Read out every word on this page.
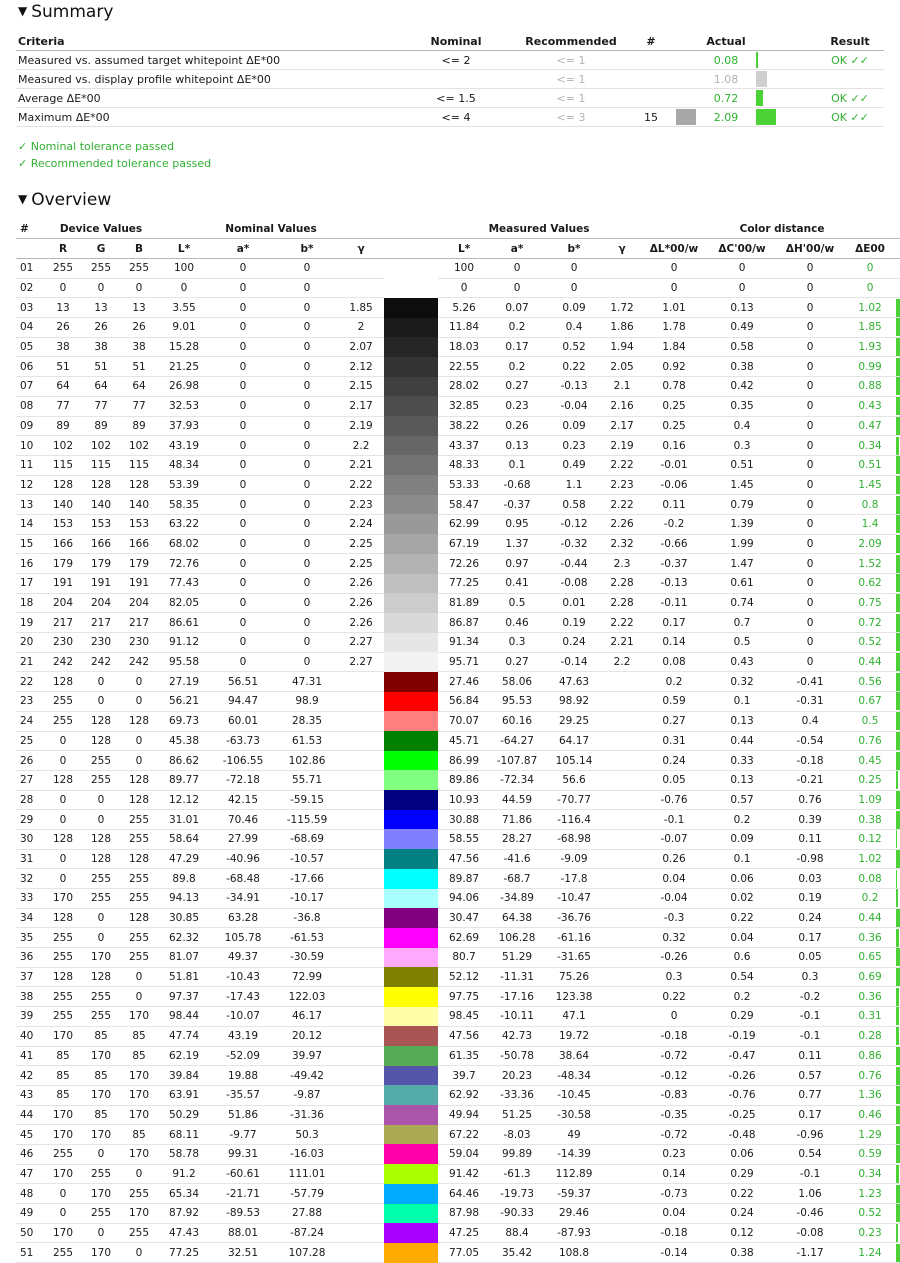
▼ Summary
Criteria	Nominal	Recommended	#		Actual		Result
Measured vs. assumed target whitepoint ΔE*00	<= 2	<= 1			0.08		OK ✓✓
Measured vs. display profile whitepoint ΔE*00		<= 1			1.08	

Average ΔE*00	<= 1.5	<= 1			0.72		OK ✓✓
Maximum ΔE*00	<= 4	<= 3	15		2.09		OK ✓✓
✓ Nominal tolerance passed
✓ Recommended tolerance passed
▼ Overview
#	Device Values			Nominal Values					Measured Values				Color distance				
	R	G	B	L*	a*	b*	γ		L*	a*	b*	γ	ΔL*00/w	ΔC'00/w	ΔH'00/w	ΔE00	
01	255	255	255	100	0	0			100	0	0		0	0	0	0	
02	0	0	0	0	0	0			0	0	0		0	0	0	0	
03	13	13	13	3.55	0	0	1.85		5.26	0.07	0.09	1.72	1.01	0.13	0	1.02	

04	26	26	26	9.01	0	0	2		11.84	0.2	0.4	1.86	1.78	0.49	0	1.85	

05	38	38	38	15.28	0	0	2.07		18.03	0.17	0.52	1.94	1.84	0.58	0	1.93	

06	51	51	51	21.25	0	0	2.12		22.55	0.2	0.22	2.05	0.92	0.38	0	0.99	

07	64	64	64	26.98	0	0	2.15		28.02	0.27	-0.13	2.1	0.78	0.42	0	0.88	

08	77	77	77	32.53	0	0	2.17		32.85	0.23	-0.04	2.16	0.25	0.35	0	0.43	

09	89	89	89	37.93	0	0	2.19		38.22	0.26	0.09	2.17	0.25	0.4	0	0.47	

10	102	102	102	43.19	0	0	2.2		43.37	0.13	0.23	2.19	0.16	0.3	0	0.34	

11	115	115	115	48.34	0	0	2.21		48.33	0.1	0.49	2.22	-0.01	0.51	0	0.51	

12	128	128	128	53.39	0	0	2.22		53.33	-0.68	1.1	2.23	-0.06	1.45	0	1.45	

13	140	140	140	58.35	0	0	2.23		58.47	-0.37	0.58	2.22	0.11	0.79	0	0.8	

14	153	153	153	63.22	0	0	2.24		62.99	0.95	-0.12	2.26	-0.2	1.39	0	1.4	

15	166	166	166	68.02	0	0	2.25		67.19	1.37	-0.32	2.32	-0.66	1.99	0	2.09	

16	179	179	179	72.76	0	0	2.25		72.26	0.97	-0.44	2.3	-0.37	1.47	0	1.52	

17	191	191	191	77.43	0	0	2.26		77.25	0.41	-0.08	2.28	-0.13	0.61	0	0.62	

18	204	204	204	82.05	0	0	2.26		81.89	0.5	0.01	2.28	-0.11	0.74	0	0.75	

19	217	217	217	86.61	0	0	2.26		86.87	0.46	0.19	2.22	0.17	0.7	0	0.72	

20	230	230	230	91.12	0	0	2.27		91.34	0.3	0.24	2.21	0.14	0.5	0	0.52	

21	242	242	242	95.58	0	0	2.27		95.71	0.27	-0.14	2.2	0.08	0.43	0	0.44	

22	128	0	0	27.19	56.51	47.31			27.46	58.06	47.63		0.2	0.32	-0.41	0.56	

23	255	0	0	56.21	94.47	98.9			56.84	95.53	98.92		0.59	0.1	-0.31	0.67	

24	255	128	128	69.73	60.01	28.35			70.07	60.16	29.25		0.27	0.13	0.4	0.5	

25	0	128	0	45.38	-63.73	61.53			45.71	-64.27	64.17		0.31	0.44	-0.54	0.76	

26	0	255	0	86.62	-106.55	102.86			86.99	-107.87	105.14		0.24	0.33	-0.18	0.45	

27	128	255	128	89.77	-72.18	55.71			89.86	-72.34	56.6		0.05	0.13	-0.21	0.25	

28	0	0	128	12.12	42.15	-59.15			10.93	44.59	-70.77		-0.76	0.57	0.76	1.09	

29	0	0	255	31.01	70.46	-115.59			30.88	71.86	-116.4		-0.1	0.2	0.39	0.38	

30	128	128	255	58.64	27.99	-68.69			58.55	28.27	-68.98		-0.07	0.09	0.11	0.12	

31	0	128	128	47.29	-40.96	-10.57			47.56	-41.6	-9.09		0.26	0.1	-0.98	1.02	

32	0	255	255	89.8	-68.48	-17.66			89.87	-68.7	-17.8		0.04	0.06	0.03	0.08	

33	170	255	255	94.13	-34.91	-10.17			94.06	-34.89	-10.47		-0.04	0.02	0.19	0.2	

34	128	0	128	30.85	63.28	-36.8			30.47	64.38	-36.76		-0.3	0.22	0.24	0.44	

35	255	0	255	62.32	105.78	-61.53			62.69	106.28	-61.16		0.32	0.04	0.17	0.36	

36	255	170	255	81.07	49.37	-30.59			80.7	51.29	-31.65		-0.26	0.6	0.05	0.65	

37	128	128	0	51.81	-10.43	72.99			52.12	-11.31	75.26		0.3	0.54	0.3	0.69	

38	255	255	0	97.37	-17.43	122.03			97.75	-17.16	123.38		0.22	0.2	-0.2	0.36	

39	255	255	170	98.44	-10.07	46.17			98.45	-10.11	47.1		0	0.29	-0.1	0.31	

40	170	85	85	47.74	43.19	20.12			47.56	42.73	19.72		-0.18	-0.19	-0.1	0.28	

41	85	170	85	62.19	-52.09	39.97			61.35	-50.78	38.64		-0.72	-0.47	0.11	0.86	

42	85	85	170	39.84	19.88	-49.42			39.7	20.23	-48.34		-0.12	-0.26	0.57	0.76	

43	85	170	170	63.91	-35.57	-9.87			62.92	-33.36	-10.45		-0.83	-0.76	0.77	1.36	

44	170	85	170	50.29	51.86	-31.36			49.94	51.25	-30.58		-0.35	-0.25	0.17	0.46	

45	170	170	85	68.11	-9.77	50.3			67.22	-8.03	49		-0.72	-0.48	-0.96	1.29	

46	255	0	170	58.78	99.31	-16.03			59.04	99.89	-14.39		0.23	0.06	0.54	0.59	

47	170	255	0	91.2	-60.61	111.01			91.42	-61.3	112.89		0.14	0.29	-0.1	0.34	

48	0	170	255	65.34	-21.71	-57.79			64.46	-19.73	-59.37		-0.73	0.22	1.06	1.23	

49	0	255	170	87.92	-89.53	27.88			87.98	-90.33	29.46		0.04	0.24	-0.46	0.52	

50	170	0	255	47.43	88.01	-87.24			47.25	88.4	-87.93		-0.18	0.12	-0.08	0.23	

51	255	170	0	77.25	32.51	107.28			77.05	35.42	108.8		-0.14	0.38	-1.17	1.24	
